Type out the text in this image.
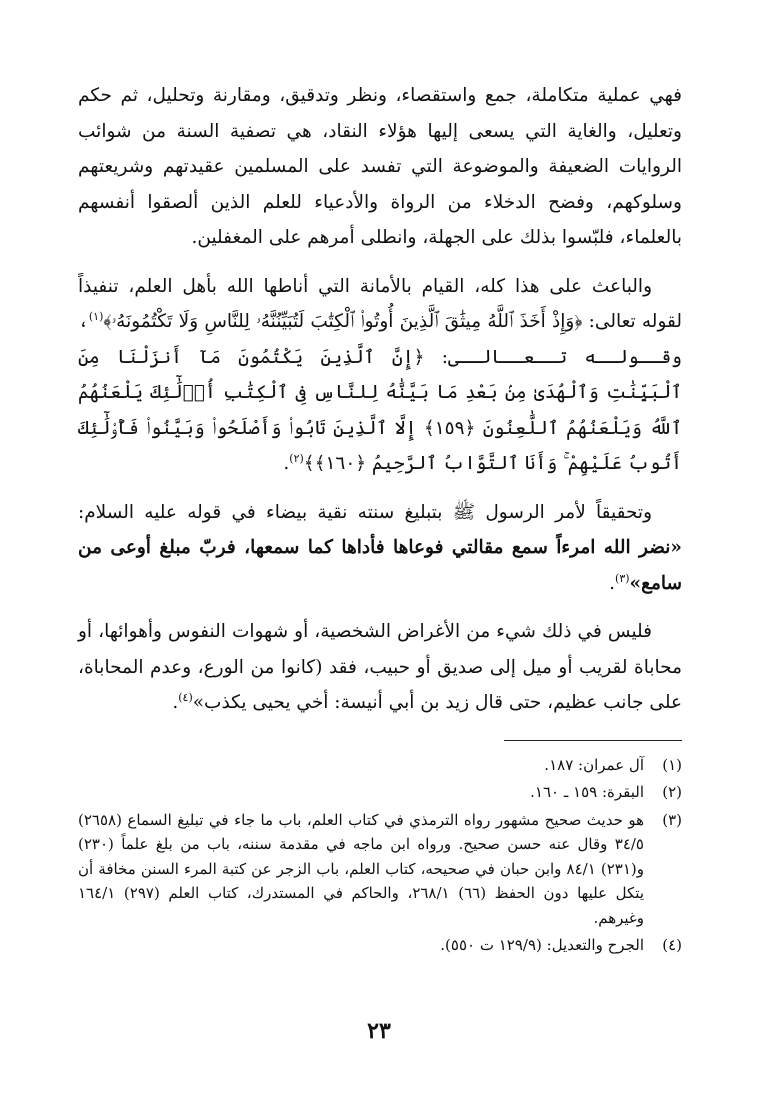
فهي عملية متكاملة، جمع واستقصاء، ونظر وتدقيق، ومقارنة وتحليل، ثم حكم وتعليل، والغاية التي يسعى إليها هؤلاء النقاد، هي تصفية السنة من شوائب الروايات الضعيفة والموضوعة التي تفسد على المسلمين عقيدتهم وشريعتهم وسلوكهم، وفضح الدخلاء من الرواة والأدعياء للعلم الذين ألصقوا أنفسهم بالعلماء، فلبّسوا بذلك على الجهلة، وانطلى أمرهم على المغفلين.

والباعث على هذا كله، القيام بالأمانة التي أناطها الله بأهل العلم، تنفيذاً لقوله تعالى: ﴿وَإِذْ أَخَذَ ٱللَّهُ مِيثَٰقَ ٱلَّذِينَ أُوتُوا۟ ٱلْكِتَٰبَ لَتُبَيِّنُنَّهُۥ لِلنَّاسِ وَلَا تَكْتُمُونَهُۥ﴾$^{(١)}$، وقــولــه تــعــالــى: ﴿إِنَّ ٱلَّذِينَ يَكْتُمُونَ مَآ أَنزَلْنَا مِنَ ٱلْبَيِّنَٰتِ وَٱلْهُدَىٰ مِنۢ بَعْدِ مَا بَيَّنَّٰهُ لِلنَّاسِ فِى ٱلْكِتَٰبِ أُو۟لَٰٓئِكَ يَلْعَنُهُمُ ٱللَّهُ وَيَلْعَنُهُمُ ٱللَّٰعِنُونَ ﴿١٥٩﴾ إِلَّا ٱلَّذِينَ تَابُوا۟ وَأَصْلَحُوا۟ وَبَيَّنُوا۟ فَأُو۟لَٰٓئِكَ أَتُوبُ عَلَيْهِمْ ۚ وَأَنَا ٱلتَّوَّابُ ٱلرَّحِيمُ ﴿١٦٠﴾﴾$^{(٢)}$.

وتحقيقاً لأمر الرسول ﷺ بتبليغ سنته نقية بيضاء في قوله عليه السلام: «نضر الله امرءاً سمع مقالتي فوعاها فأداها كما سمعها، فربّ مبلغ أوعى من سامع»$^{(٣)}$.

فليس في ذلك شيء من الأغراض الشخصية، أو شهوات النفوس وأهوائها، أو محاباة لقريب أو ميل إلى صديق أو حبيب، فقد (كانوا من الورع، وعدم المحاباة، على جانب عظيم، حتى قال زيد بن أبي أنيسة: أخي يحيى يكذب»$^{(٤)}$.

(١)
آل عمران: ١٨٧.
(٢)
البقرة: ١٥٩ ـ ١٦٠.
(٣)
هو حديث صحيح مشهور رواه الترمذي في كتاب العلم، باب ما جاء في تبليغ السماع (٢٦٥٨) ٣٤/٥ وقال عنه حسن صحيح. ورواه ابن ماجه في مقدمة سننه، باب من بلغ علماً (٢٣٠) و(٢٣١) ٨٤/١ وابن حبان في صحيحه، كتاب العلم، باب الزجر عن كتبة المرء السنن مخافة أن يتكل عليها دون الحفظ (٦٦) ٢٦٨/١، والحاكم في المستدرك، كتاب العلم (٢٩٧) ١٦٤/١ وغيرهم.
(٤)
الجرح والتعديل: (١٢٩/٩ ت ٥٥٠).
٢٣
